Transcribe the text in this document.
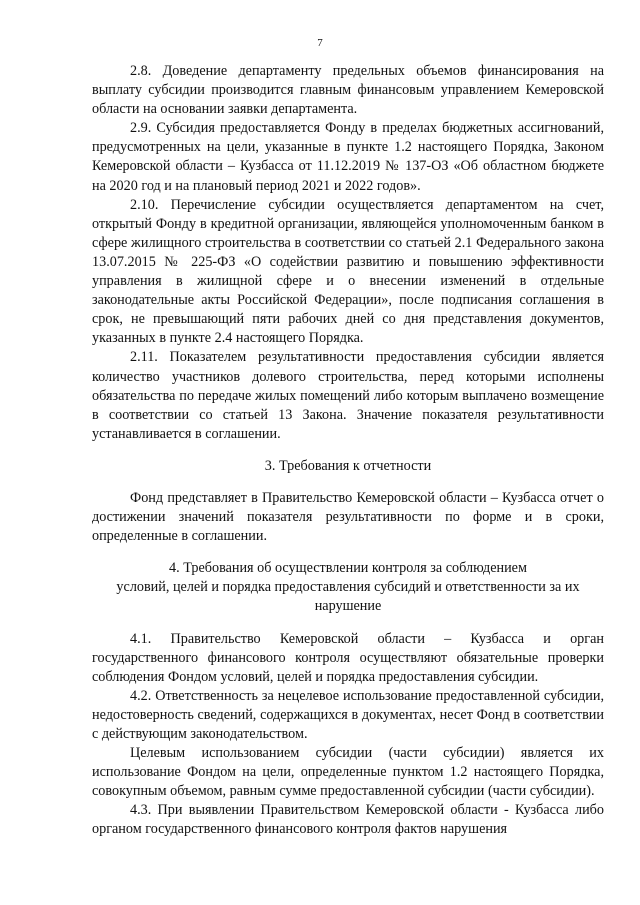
7

2.8. Доведение департаменту предельных объемов финансирования на выплату субсидии производится главным финансовым управлением Кемеровской области на основании заявки департамента.

2.9. Субсидия предоставляется Фонду в пределах бюджетных ассигнований, предусмотренных на цели, указанные в пункте 1.2 настоящего Порядка, Законом Кемеровской области – Кузбасса от 11.12.2019 № 137-ОЗ «Об областном бюджете на 2020 год и на плановый период 2021 и 2022 годов».

2.10. Перечисление субсидии осуществляется департаментом на счет, открытый Фонду в кредитной организации, являющейся уполномоченным банком в сфере жилищного строительства в соответствии со статьей 2.1 Федерального закона 13.07.2015 № 225-ФЗ «О содействии развитию и повышению эффективности управления в жилищной сфере и о внесении изменений в отдельные законодательные акты Российской Федерации», после подписания соглашения в срок, не превышающий пяти рабочих дней со дня представления документов, указанных в пункте 2.4 настоящего Порядка.

2.11. Показателем результативности предоставления субсидии является количество участников долевого строительства, перед которыми исполнены обязательства по передаче жилых помещений либо которым выплачено возмещение в соответствии со статьей 13 Закона. Значение показателя результативности устанавливается в соглашении.

3. Требования к отчетности

Фонд представляет в Правительство Кемеровской области – Кузбасса отчет о достижении значений показателя результативности по форме и в сроки, определенные в соглашении.

4. Требования об осуществлении контроля за соблюдением
условий, целей и порядка предоставления субсидий и ответственности за их
нарушение

4.1. Правительство Кемеровской области – Кузбасса и орган государственного финансового контроля осуществляют обязательные проверки соблюдения Фондом условий, целей и порядка предоставления субсидии.

4.2. Ответственность за нецелевое использование предоставленной субсидии, недостоверность сведений, содержащихся в документах, несет Фонд в соответствии с действующим законодательством.

Целевым использованием субсидии (части субсидии) является их использование Фондом на цели, определенные пунктом 1.2 настоящего Порядка, совокупным объемом, равным сумме предоставленной субсидии (части субсидии).

4.3. При выявлении Правительством Кемеровской области - Кузбасса либо органом государственного финансового контроля фактов нарушения
